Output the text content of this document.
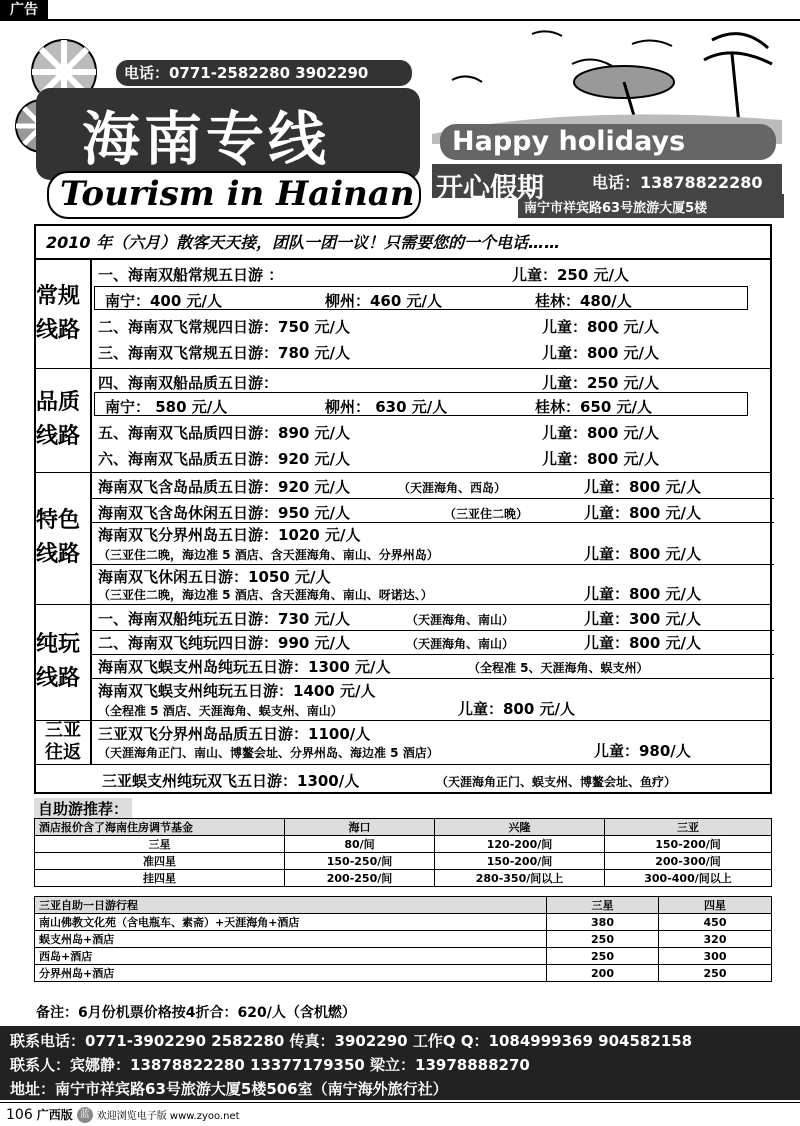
广告
电话：0771-2582280 3902290
海南专线
Tourism in Hainan
Happy holidays
开心假期	电话：13878822280
南宁市祥宾路63号旅游大厦5楼
2010 年（六月）散客天天接，团队一团一议！只需要您的一个电话……
常规线路
一、海南双船常规五日游 ：	儿童：250 元/人
南宁：400 元/人	柳州：460 元/人	桂林：480/人
二、海南双飞常规四日游：750 元/人	儿童：800 元/人
三、海南双飞常规五日游：780 元/人	儿童：800 元/人
品质线路
四、海南双船品质五日游：	儿童：250 元/人
南宁： 580 元/人	柳州： 630 元/人	桂林：650 元/人
五、海南双飞品质四日游：890 元/人	儿童：800 元/人
六、海南双飞品质五日游：920 元/人	儿童：800 元/人
特色线路
海南双飞含岛品质五日游：920 元/人	（天涯海角、西岛）	儿童：800 元/人
海南双飞含岛休闲五日游：950 元/人	（三亚住二晚）	儿童：800 元/人
海南双飞分界州岛五日游：1020 元/人
（三亚住二晚，海边准 5 酒店、含天涯海角、南山、分界州岛）	儿童：800 元/人
海南双飞休闲五日游：1050 元/人
（三亚住二晚，海边准 5 酒店、含天涯海角、南山、呀诺达、）	儿童：800 元/人
纯玩线路
一、海南双船纯玩五日游：730 元/人	（天涯海角、南山）	儿童：300 元/人
二、海南双飞纯玩四日游：990 元/人	（天涯海角、南山）	儿童：800 元/人
海南双飞蜈支州岛纯玩五日游：1300 元/人	（全程准 5、天涯海角、蜈支州）
海南双飞蜈支州纯玩五日游：1400 元/人
（全程准 5 酒店、天涯海角、蜈支州、南山）	儿童：800 元/人
三亚往返
三亚双飞分界州岛品质五日游：1100/人
（天涯海角正门、南山、博鳌会址、分界州岛、海边准 5 酒店）	儿童：980/人
三亚蜈支州纯玩双飞五日游：1300/人	（天涯海角正门、蜈支州、博鳌会址、鱼疗）
自助游推荐：
酒店报价含了海南住房调节基金	海口	兴隆	三亚
三星	80/间	120-200/间	150-200/间
准四星	150-250/间	150-200/间	200-300/间
挂四星	200-250/间	280-350/间以上	300-400/间以上
三亚自助一日游行程	三星	四星
南山佛教文化苑（含电瓶车、素斋）+天涯海角+酒店	380	450
蜈支州岛+酒店	250	320
西岛+酒店	250	300
分界州岛+酒店	200	250
备注：6月份机票价格按4折合：620/人（含机燃）
联系电话：0771-3902290 2582280 传真：3902290 工作Q Q：1084999369 904582158
联系人：宾娜静：13878822280 13377179350 梁立：13978888270
地址：南宁市祥宾路63号旅游大厦5楼506室（南宁海外旅行社）
106 广西版 蓝 欢迎浏览电子版 www.zyoo.net
